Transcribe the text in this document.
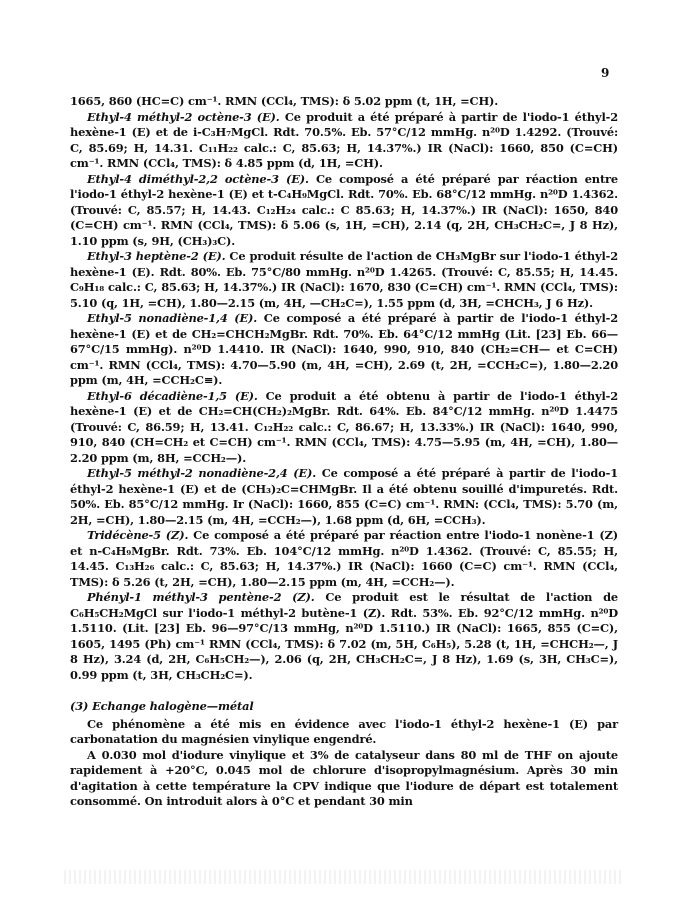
9

1665, 860 (HC=C) cm⁻¹. RMN (CCl₄, TMS): δ 5.02 ppm (t, 1H, =CH).

Ethyl-4 méthyl-2 octène-3 (E). Ce produit a été préparé à partir de l'iodo-1 éthyl-2 hexène-1 (E) et de i-C₃H₇MgCl. Rdt. 70.5%. Eb. 57°C/12 mmHg. n²⁰D 1.4292. (Trouvé: C, 85.69; H, 14.31. C₁₁H₂₂ calc.: C, 85.63; H, 14.37%.) IR (NaCl): 1660, 850 (C=CH) cm⁻¹. RMN (CCl₄, TMS): δ 4.85 ppm (d, 1H, =CH).

Ethyl-4 diméthyl-2,2 octène-3 (E). Ce composé a été préparé par réaction entre l'iodo-1 éthyl-2 hexène-1 (E) et t-C₄H₉MgCl. Rdt. 70%. Eb. 68°C/12 mmHg. n²⁰D 1.4362. (Trouvé: C, 85.57; H, 14.43. C₁₂H₂₄ calc.: C 85.63; H, 14.37%.) IR (NaCl): 1650, 840 (C=CH) cm⁻¹. RMN (CCl₄, TMS): δ 5.06 (s, 1H, =CH), 2.14 (q, 2H, CH₃CH₂C=, J 8 Hz), 1.10 ppm (s, 9H, (CH₃)₃C).

Ethyl-3 heptène-2 (E). Ce produit résulte de l'action de CH₃MgBr sur l'iodo-1 éthyl-2 hexène-1 (E). Rdt. 80%. Eb. 75°C/80 mmHg. n²⁰D 1.4265. (Trouvé: C, 85.55; H, 14.45. C₉H₁₈ calc.: C, 85.63; H, 14.37%.) IR (NaCl): 1670, 830 (C=CH) cm⁻¹. RMN (CCl₄, TMS): 5.10 (q, 1H, =CH), 1.80—2.15 (m, 4H, —CH₂C=), 1.55 ppm (d, 3H, =CHCH₃, J 6 Hz).

Ethyl-5 nonadiène-1,4 (E). Ce composé a été préparé à partir de l'iodo-1 éthyl-2 hexène-1 (E) et de CH₂=CHCH₂MgBr. Rdt. 70%. Eb. 64°C/12 mmHg (Lit. [23] Eb. 66—67°C/15 mmHg). n²⁰D 1.4410. IR (NaCl): 1640, 990, 910, 840 (CH₂=CH— et C=CH) cm⁻¹. RMN (CCl₄, TMS): 4.70—5.90 (m, 4H, =CH), 2.69 (t, 2H, =CCH₂C=), 1.80—2.20 ppm (m, 4H, =CCH₂C≡).

Ethyl-6 décadiène-1,5 (E). Ce produit a été obtenu à partir de l'iodo-1 éthyl-2 hexène-1 (E) et de CH₂=CH(CH₂)₂MgBr. Rdt. 64%. Eb. 84°C/12 mmHg. n²⁰D 1.4475 (Trouvé: C, 86.59; H, 13.41. C₁₂H₂₂ calc.: C, 86.67; H, 13.33%.) IR (NaCl): 1640, 990, 910, 840 (CH=CH₂ et C=CH) cm⁻¹. RMN (CCl₄, TMS): 4.75—5.95 (m, 4H, =CH), 1.80—2.20 ppm (m, 8H, =CCH₂—).

Ethyl-5 méthyl-2 nonadiène-2,4 (E). Ce composé a été préparé à partir de l'iodo-1 éthyl-2 hexène-1 (E) et de (CH₃)₂C=CHMgBr. Il a été obtenu souillé d'impuretés. Rdt. 50%. Eb. 85°C/12 mmHg. Ir (NaCl): 1660, 855 (C=C) cm⁻¹. RMN: (CCl₄, TMS): 5.70 (m, 2H, =CH), 1.80—2.15 (m, 4H, =CCH₂—), 1.68 ppm (d, 6H, =CCH₃).

Tridécène-5 (Z). Ce composé a été préparé par réaction entre l'iodo-1 nonène-1 (Z) et n-C₄H₉MgBr. Rdt. 73%. Eb. 104°C/12 mmHg. n²⁰D 1.4362. (Trouvé: C, 85.55; H, 14.45. C₁₃H₂₆ calc.: C, 85.63; H, 14.37%.) IR (NaCl): 1660 (C=C) cm⁻¹. RMN (CCl₄, TMS): δ 5.26 (t, 2H, =CH), 1.80—2.15 ppm (m, 4H, =CCH₂—).

Phényl-1 méthyl-3 pentène-2 (Z). Ce produit est le résultat de l'action de C₆H₅CH₂MgCl sur l'iodo-1 méthyl-2 butène-1 (Z). Rdt. 53%. Eb. 92°C/12 mmHg. n²⁰D 1.5110. (Lit. [23] Eb. 96—97°C/13 mmHg, n²⁰D 1.5110.) IR (NaCl): 1665, 855 (C=C), 1605, 1495 (Ph) cm⁻¹ RMN (CCl₄, TMS): δ 7.02 (m, 5H, C₆H₅), 5.28 (t, 1H, =CHCH₂—, J 8 Hz), 3.24 (d, 2H, C₆H₅CH₂—), 2.06 (q, 2H, CH₃CH₂C=, J 8 Hz), 1.69 (s, 3H, CH₃C=), 0.99 ppm (t, 3H, CH₃CH₂C=).

(3) Echange halogène—métal

Ce phénomène a été mis en évidence avec l'iodo-1 éthyl-2 hexène-1 (E) par carbonatation du magnésien vinylique engendré.

A 0.030 mol d'iodure vinylique et 3% de catalyseur dans 80 ml de THF on ajoute rapidement à +20°C, 0.045 mol de chlorure d'isopropylmagnésium. Après 30 min d'agitation à cette température la CPV indique que l'iodure de départ est totalement consommé. On introduit alors à 0°C et pendant 30 min
